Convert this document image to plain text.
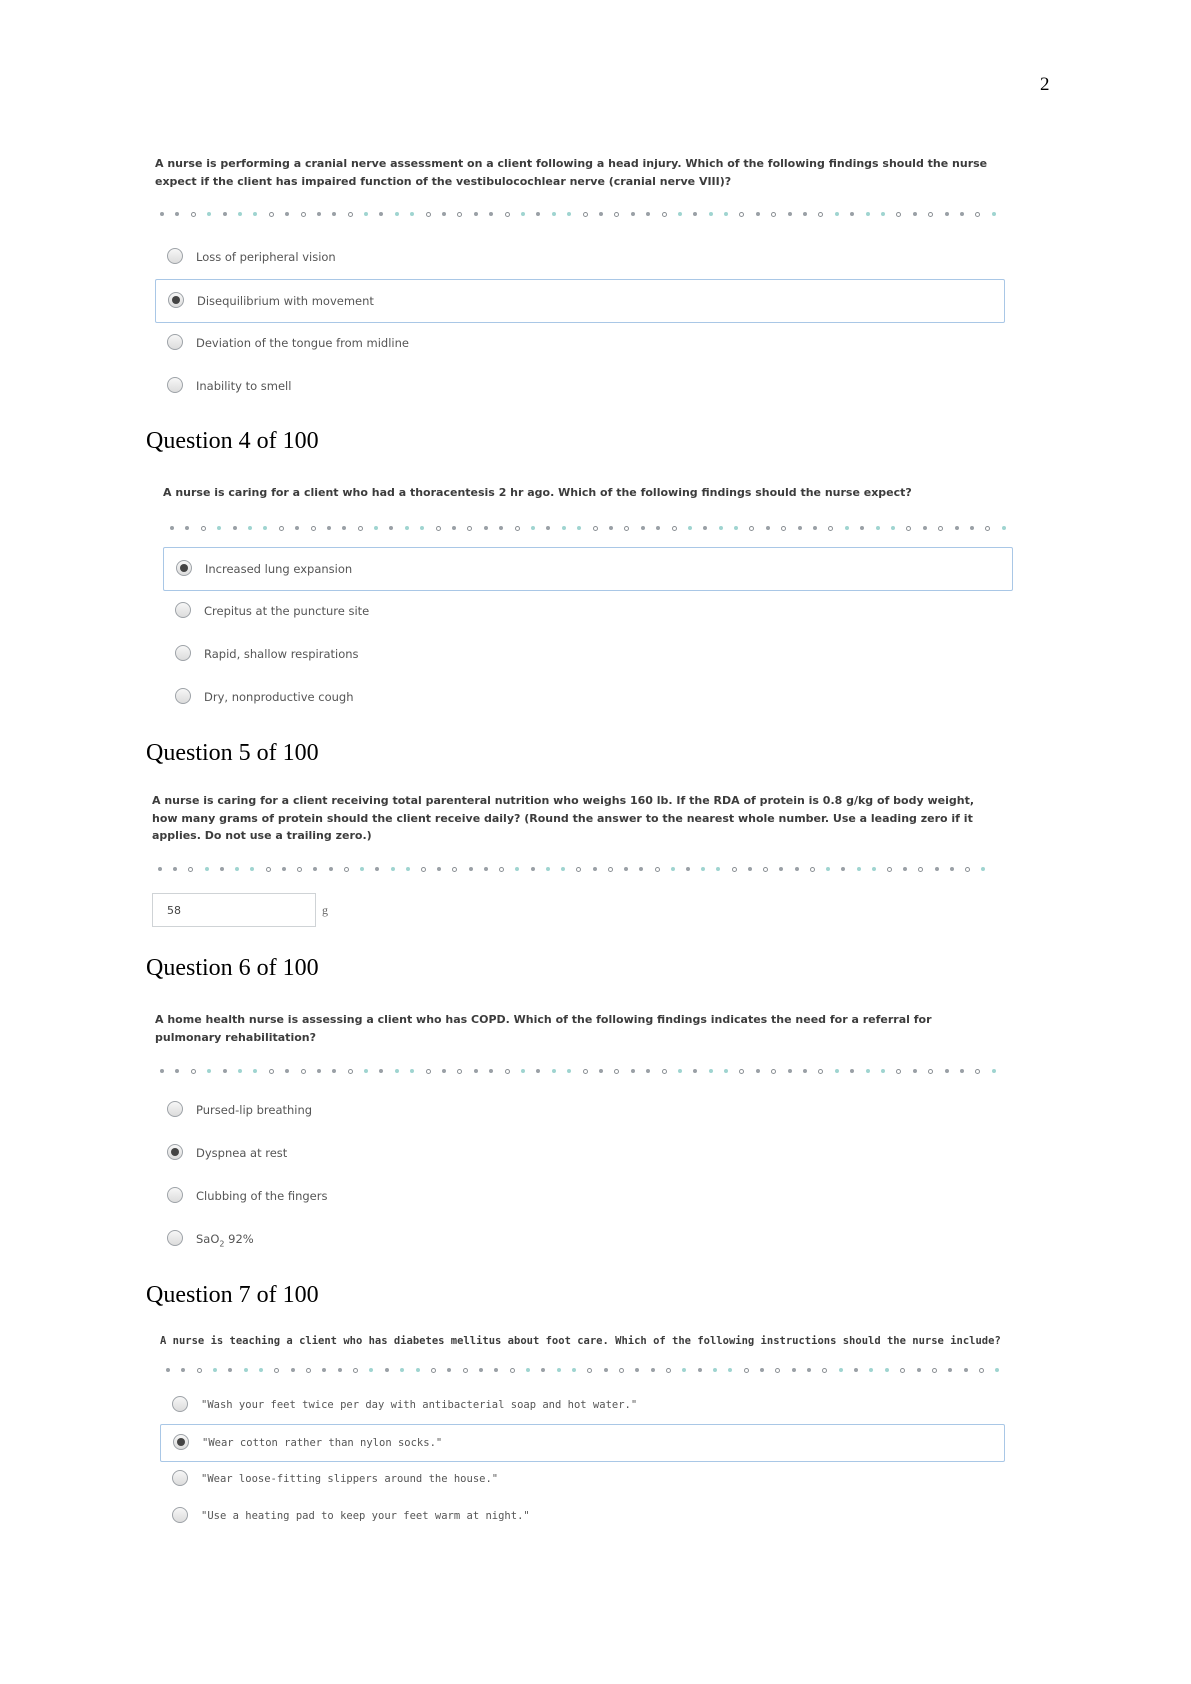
2

A nurse is performing a cranial nerve assessment on a client following a head injury. Which of the following findings should the nurse expect if the client has impaired function of the vestibulocochlear nerve (cranial nerve VIII)?

Loss of peripheral vision
Disequilibrium with movement
Deviation of the tongue from midline
Inability to smell
Question 4 of 100

A nurse is caring for a client who had a thoracentesis 2 hr ago. Which of the following findings should the nurse expect?

Increased lung expansion
Crepitus at the puncture site
Rapid, shallow respirations
Dry, nonproductive cough
Question 5 of 100

A nurse is caring for a client receiving total parenteral nutrition who weighs 160 lb. If the RDA of protein is 0.8 g/kg of body weight, how many grams of protein should the client receive daily? (Round the answer to the nearest whole number. Use a leading zero if it applies. Do not use a trailing zero.)

58	g
Question 6 of 100

A home health nurse is assessing a client who has COPD. Which of the following findings indicates the need for a referral for pulmonary rehabilitation?

Pursed-lip breathing
Dyspnea at rest
Clubbing of the fingers
SaO$_2$ 92%
Question 7 of 100

A nurse is teaching a client who has diabetes mellitus about foot care. Which of the following instructions should the nurse include?

"Wash your feet twice per day with antibacterial soap and hot water."
"Wear cotton rather than nylon socks."
"Wear loose-fitting slippers around the house."
"Use a heating pad to keep your feet warm at night."
